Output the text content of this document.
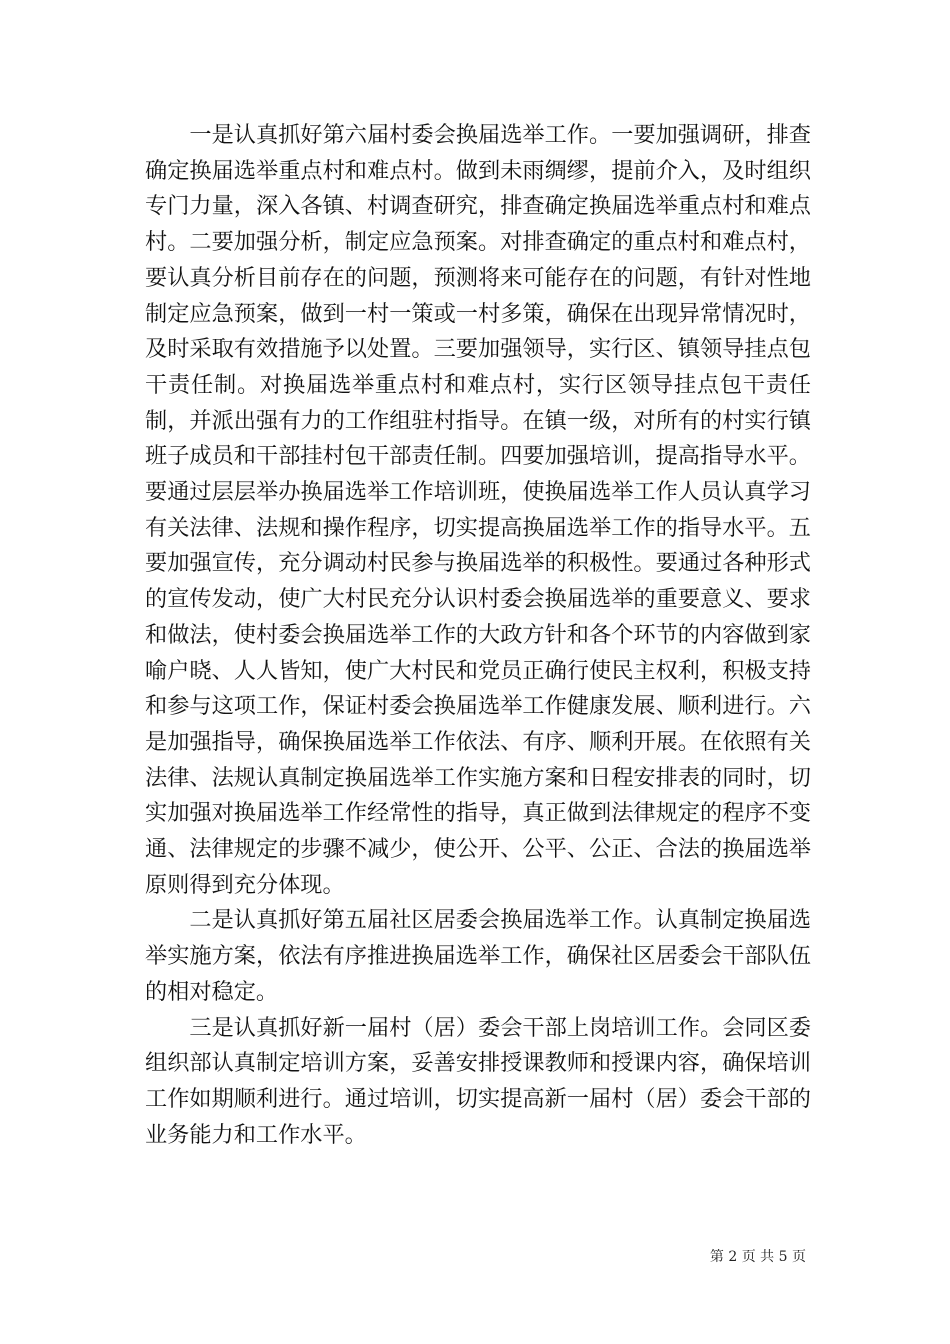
一是认真抓好第六届村委会换届选举工作。一要加强调研，排查确定换届选举重点村和难点村。做到未雨绸缪，提前介入，及时组织专门力量，深入各镇、村调查研究，排查确定换届选举重点村和难点村。二要加强分析，制定应急预案。对排查确定的重点村和难点村，要认真分析目前存在的问题，预测将来可能存在的问题，有针对性地制定应急预案，做到一村一策或一村多策，确保在出现异常情况时，及时采取有效措施予以处置。三要加强领导，实行区、镇领导挂点包干责任制。对换届选举重点村和难点村，实行区领导挂点包干责任制，并派出强有力的工作组驻村指导。在镇一级，对所有的村实行镇班子成员和干部挂村包干部责任制。四要加强培训，提高指导水平。要通过层层举办换届选举工作培训班，使换届选举工作人员认真学习有关法律、法规和操作程序，切实提高换届选举工作的指导水平。五要加强宣传，充分调动村民参与换届选举的积极性。要通过各种形式的宣传发动，使广大村民充分认识村委会换届选举的重要意义、要求和做法，使村委会换届选举工作的大政方针和各个环节的内容做到家喻户晓、人人皆知，使广大村民和党员正确行使民主权利，积极支持和参与这项工作，保证村委会换届选举工作健康发展、顺利进行。六是加强指导，确保换届选举工作依法、有序、顺利开展。在依照有关法律、法规认真制定换届选举工作实施方案和日程安排表的同时，切实加强对换届选举工作经常性的指导，真正做到法律规定的程序不变通、法律规定的步骤不减少，使公开、公平、公正、合法的换届选举原则得到充分体现。

二是认真抓好第五届社区居委会换届选举工作。认真制定换届选举实施方案，依法有序推进换届选举工作，确保社区居委会干部队伍的相对稳定。

三是认真抓好新一届村（居）委会干部上岗培训工作。会同区委组织部认真制定培训方案，妥善安排授课教师和授课内容，确保培训工作如期顺利进行。通过培训，切实提高新一届村（居）委会干部的业务能力和工作水平。

第 2 页 共 5 页
